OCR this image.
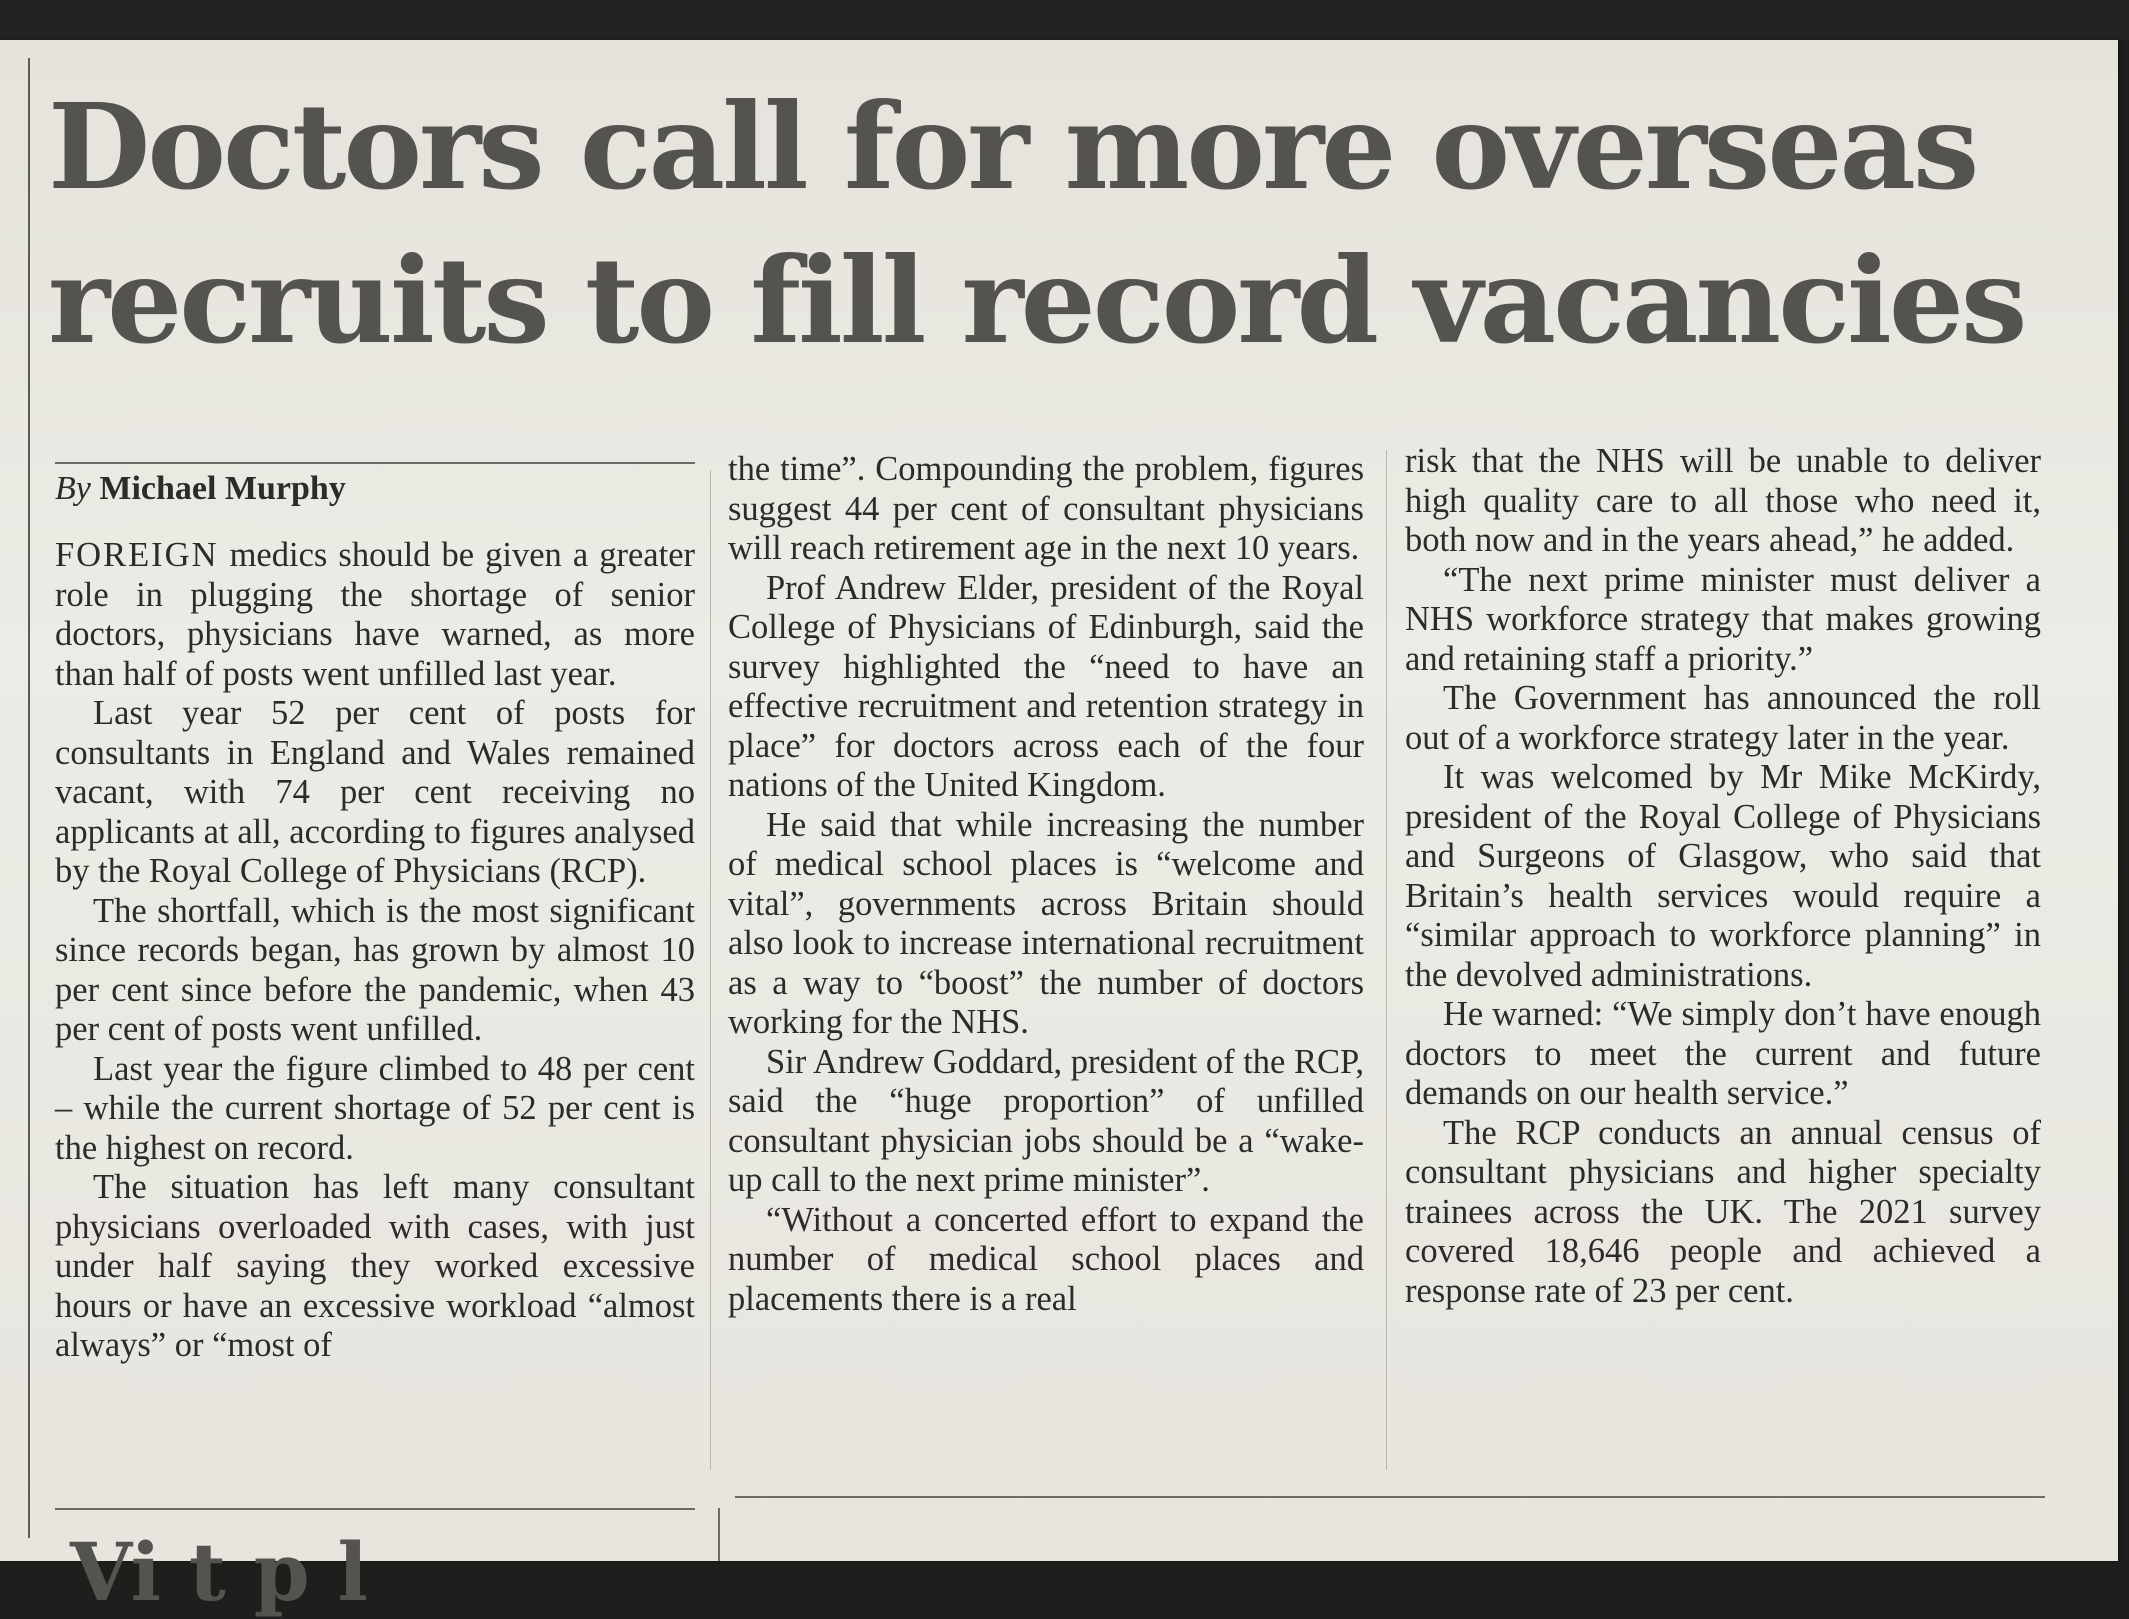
Doctors call for more overseas
recruits to fill record vacancies

By Michael Murphy

FOREIGN medics should be given a greater role in plugging the shortage of senior doctors, physicians have warned, as more than half of posts went unfilled last year.

Last year 52 per cent of posts for consultants in England and Wales remained vacant, with 74 per cent receiving no applicants at all, according to figures analysed by the Royal College of Physicians (RCP).

The shortfall, which is the most significant since records began, has grown by almost 10 per cent since before the pandemic, when 43 per cent of posts went unfilled.

Last year the figure climbed to 48 per cent – while the current shortage of 52 per cent is the highest on record.

The situation has left many consultant physicians overloaded with cases, with just under half saying they worked excessive hours or have an excessive workload “almost always” or “most of

the time”. Compounding the problem, figures suggest 44 per cent of consultant physicians will reach retirement age in the next 10 years.

Prof Andrew Elder, president of the Royal College of Physicians of Edinburgh, said the survey highlighted the “need to have an effective recruitment and retention strategy in place” for doctors across each of the four nations of the United Kingdom.

He said that while increasing the number of medical school places is “welcome and vital”, governments across Britain should also look to increase international recruitment as a way to “boost” the number of doctors working for the NHS.

Sir Andrew Goddard, president of the RCP, said the “huge proportion” of unfilled consultant physician jobs should be a “wake-up call to the next prime minister”.

“Without a concerted effort to expand the number of medical school places and placements there is a real

risk that the NHS will be unable to deliver high quality care to all those who need it, both now and in the years ahead,” he added.

“The next prime minister must deliver a NHS workforce strategy that makes growing and retaining staff a priority.”

The Government has announced the roll out of a workforce strategy later in the year.

It was welcomed by Mr Mike McKirdy, president of the Royal College of Physicians and Surgeons of Glasgow, who said that Britain’s health services would require a “similar approach to workforce planning” in the devolved administrations.

He warned: “We simply don’t have enough doctors to meet the current and future demands on our health service.”

The RCP conducts an annual census of consultant physicians and higher specialty trainees across the UK. The 2021 survey covered 18,646 people and achieved a response rate of 23 per cent.

Vi t p l
